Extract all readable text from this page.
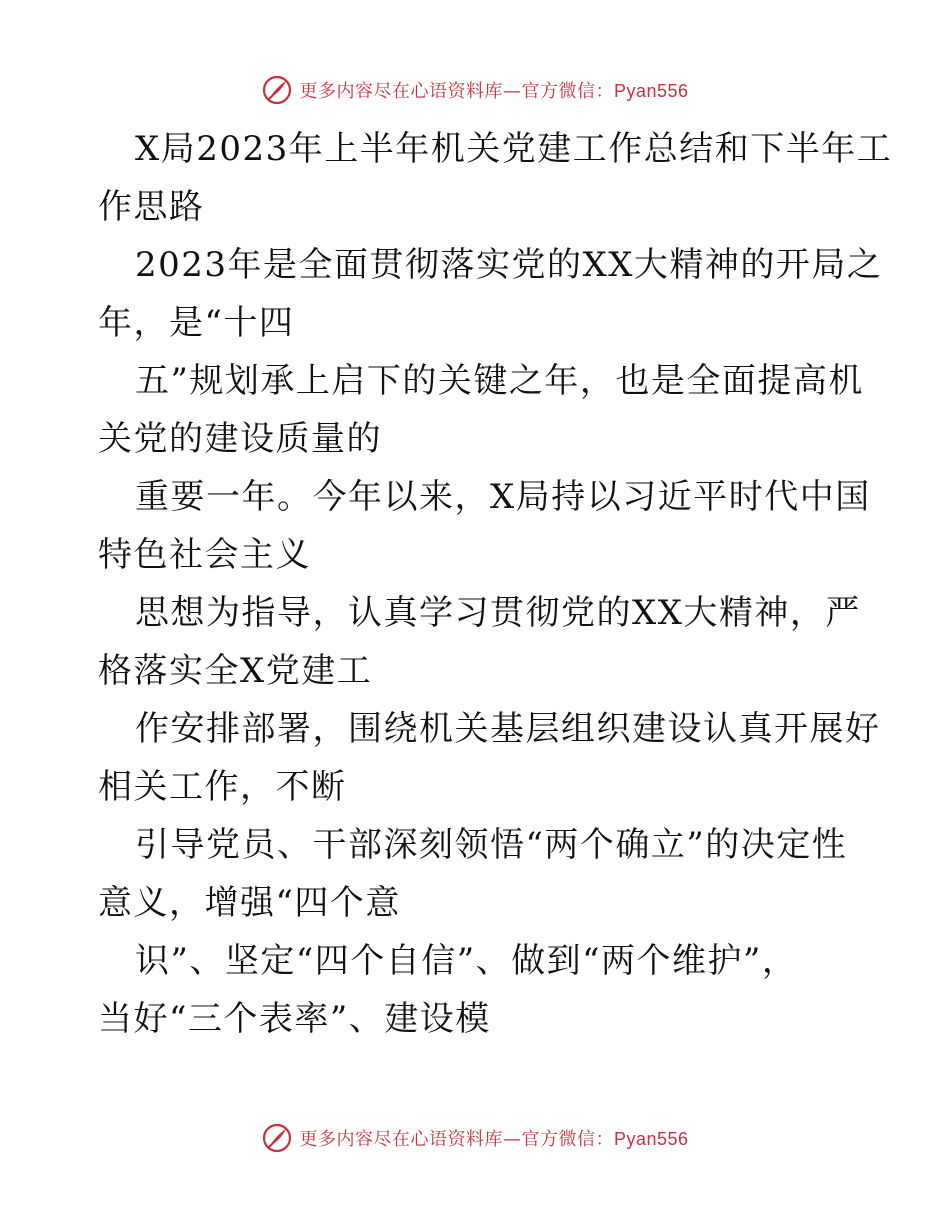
更多内容尽在心语资料库—官方微信：Pyan556
X局2023年上半年机关党建工作总结和下半年工
作思路
2023年是全面贯彻落实党的XX大精神的开局之
年，是“十四
五”规划承上启下的关键之年，也是全面提高机
关党的建设质量的
重要一年。今年以来，X局持以习近平时代中国
特色社会主义
思想为指导，认真学习贯彻党的XX大精神，严
格落实全X党建工
作安排部署，围绕机关基层组织建设认真开展好
相关工作，不断
引导党员、干部深刻领悟“两个确立”的决定性
意义，增强“四个意
识”、坚定“四个自信”、做到“两个维护”，
当好“三个表率”、建设模
更多内容尽在心语资料库—官方微信：Pyan556
